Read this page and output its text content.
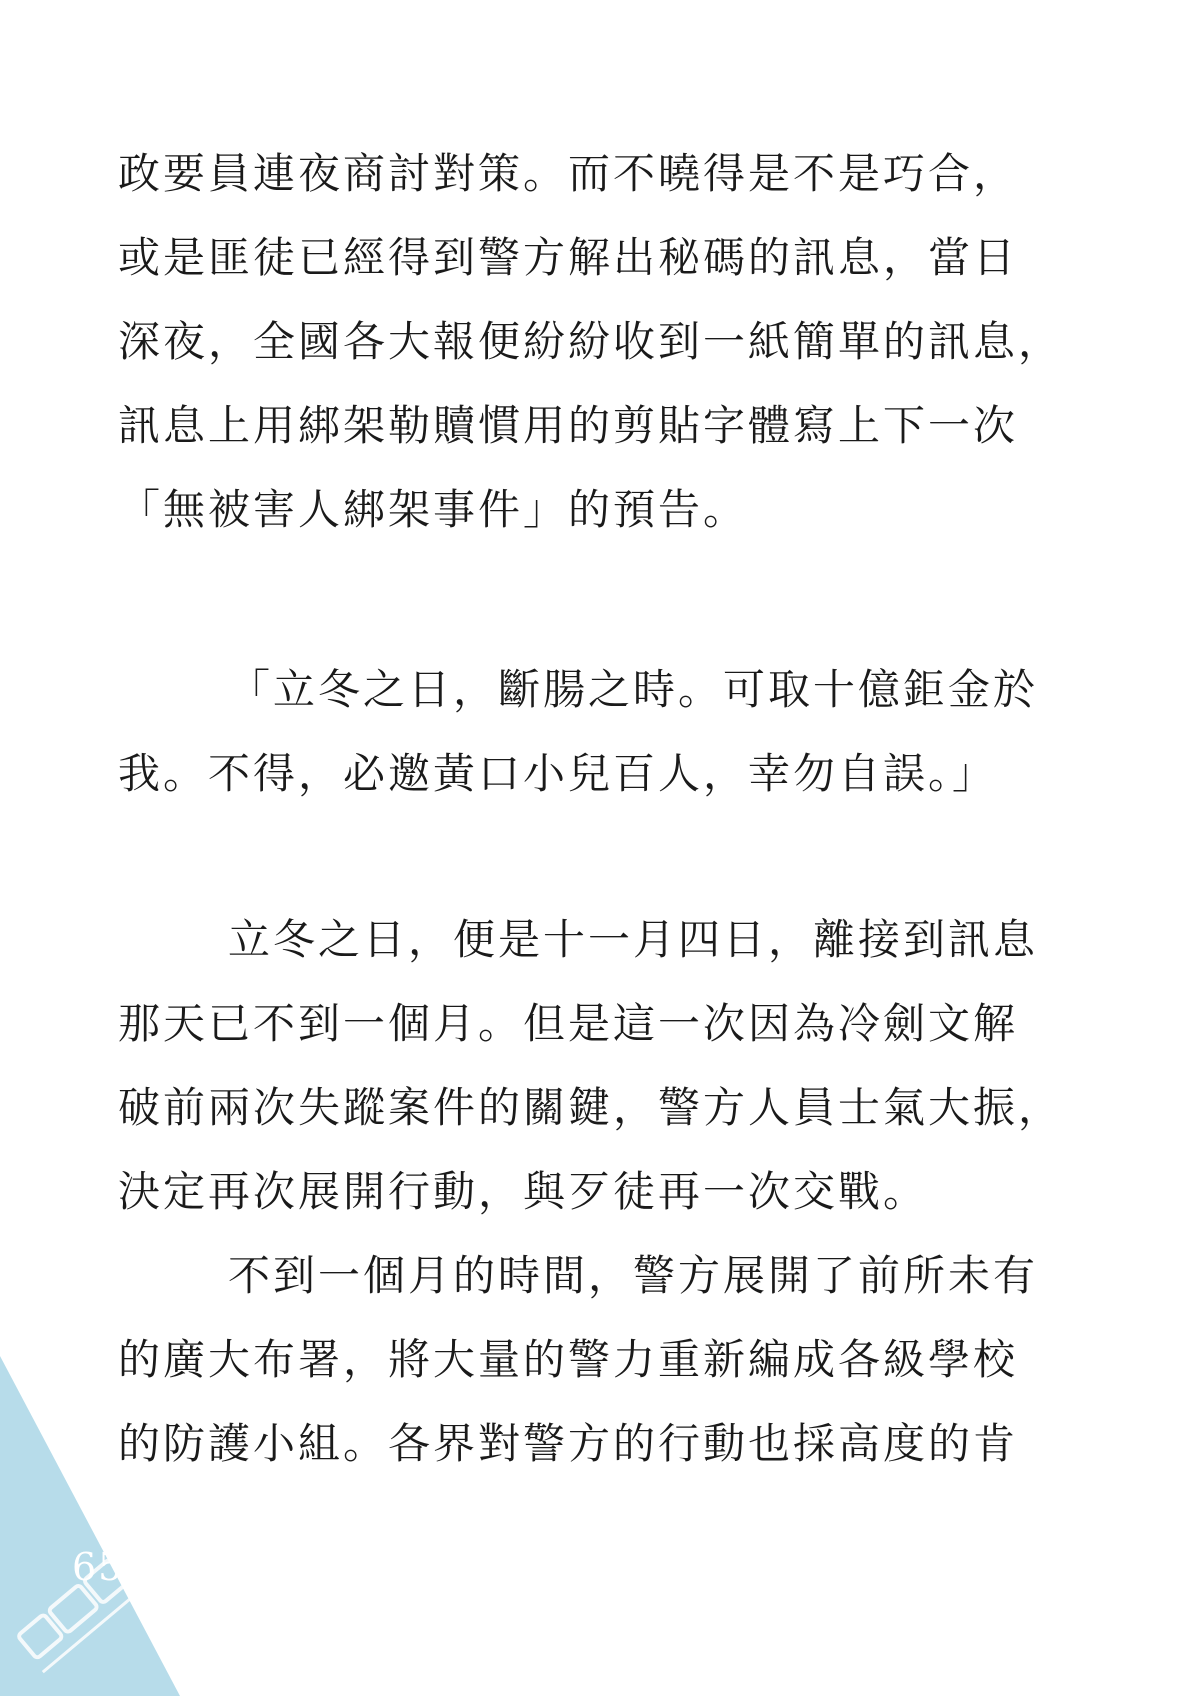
政要員連夜商討對策。而不曉得是不是巧合，
或是匪徒已經得到警方解出秘碼的訊息，當日
深夜，全國各大報便紛紛收到一紙簡單的訊息，
訊息上用綁架勒贖慣用的剪貼字體寫上下一次
「無被害人綁架事件」的預告。
「立冬之日，斷腸之時。可取十億鉅金於
我。不得，必邀黃口小兒百人，幸勿自誤。」
立冬之日，便是十一月四日，離接到訊息
那天已不到一個月。但是這一次因為冷劍文解
破前兩次失蹤案件的關鍵，警方人員士氣大振，
決定再次展開行動，與歹徒再一次交戰。
不到一個月的時間，警方展開了前所未有
的廣大布署，將大量的警力重新編成各級學校
的防護小組。各界對警方的行動也採高度的肯
65
